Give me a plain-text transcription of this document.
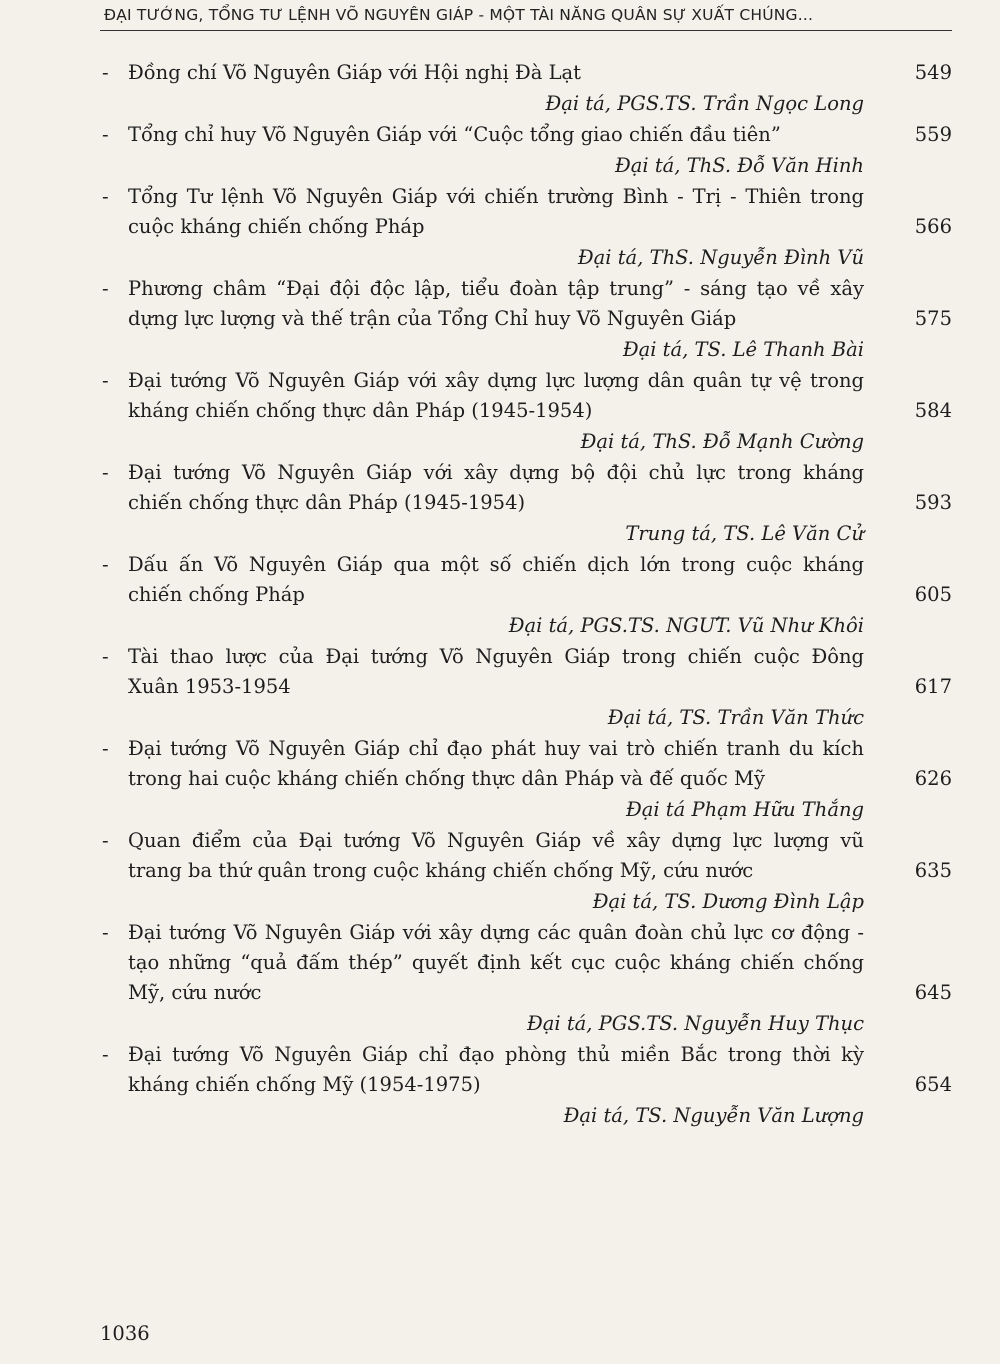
ĐẠI TƯỚNG, TỔNG TƯ LỆNH VÕ NGUYÊN GIÁP - MỘT TÀI NĂNG QUÂN SỰ XUẤT CHÚNG...
- Đồng chí Võ Nguyên Giáp với Hội nghị Đà Lạt	549
Đại tá, PGS.TS. Trần Ngọc Long
- Tổng chỉ huy Võ Nguyên Giáp với “Cuộc tổng giao chiến đầu tiên”	559
Đại tá, ThS. Đỗ Văn Hinh
- Tổng Tư lệnh Võ Nguyên Giáp với chiến trường Bình - Trị - Thiên trong
cuộc kháng chiến chống Pháp	566
Đại tá, ThS. Nguyễn Đình Vũ
- Phương châm “Đại đội độc lập, tiểu đoàn tập trung” - sáng tạo về xây
dựng lực lượng và thế trận của Tổng Chỉ huy Võ Nguyên Giáp	575
Đại tá, TS. Lê Thanh Bài
- Đại tướng Võ Nguyên Giáp với xây dựng lực lượng dân quân tự vệ trong
kháng chiến chống thực dân Pháp (1945-1954)	584
Đại tá, ThS. Đỗ Mạnh Cường
- Đại tướng Võ Nguyên Giáp với xây dựng bộ đội chủ lực trong kháng
chiến chống thực dân Pháp (1945-1954)	593
Trung tá, TS. Lê Văn Cử
- Dấu ấn Võ Nguyên Giáp qua một số chiến dịch lớn trong cuộc kháng
chiến chống Pháp	605
Đại tá, PGS.TS. NGƯT. Vũ Như Khôi
- Tài thao lược của Đại tướng Võ Nguyên Giáp trong chiến cuộc Đông
Xuân 1953-1954	617
Đại tá, TS. Trần Văn Thức
- Đại tướng Võ Nguyên Giáp chỉ đạo phát huy vai trò chiến tranh du kích
trong hai cuộc kháng chiến chống thực dân Pháp và đế quốc Mỹ	626
Đại tá Phạm Hữu Thắng
- Quan điểm của Đại tướng Võ Nguyên Giáp về xây dựng lực lượng vũ
trang ba thứ quân trong cuộc kháng chiến chống Mỹ, cứu nước	635
Đại tá, TS. Dương Đình Lập
- Đại tướng Võ Nguyên Giáp với xây dựng các quân đoàn chủ lực cơ động -
tạo những “quả đấm thép” quyết định kết cục cuộc kháng chiến chống
Mỹ, cứu nước	645
Đại tá, PGS.TS. Nguyễn Huy Thục
- Đại tướng Võ Nguyên Giáp chỉ đạo phòng thủ miền Bắc trong thời kỳ
kháng chiến chống Mỹ (1954-1975)	654
Đại tá, TS. Nguyễn Văn Lượng
1036
